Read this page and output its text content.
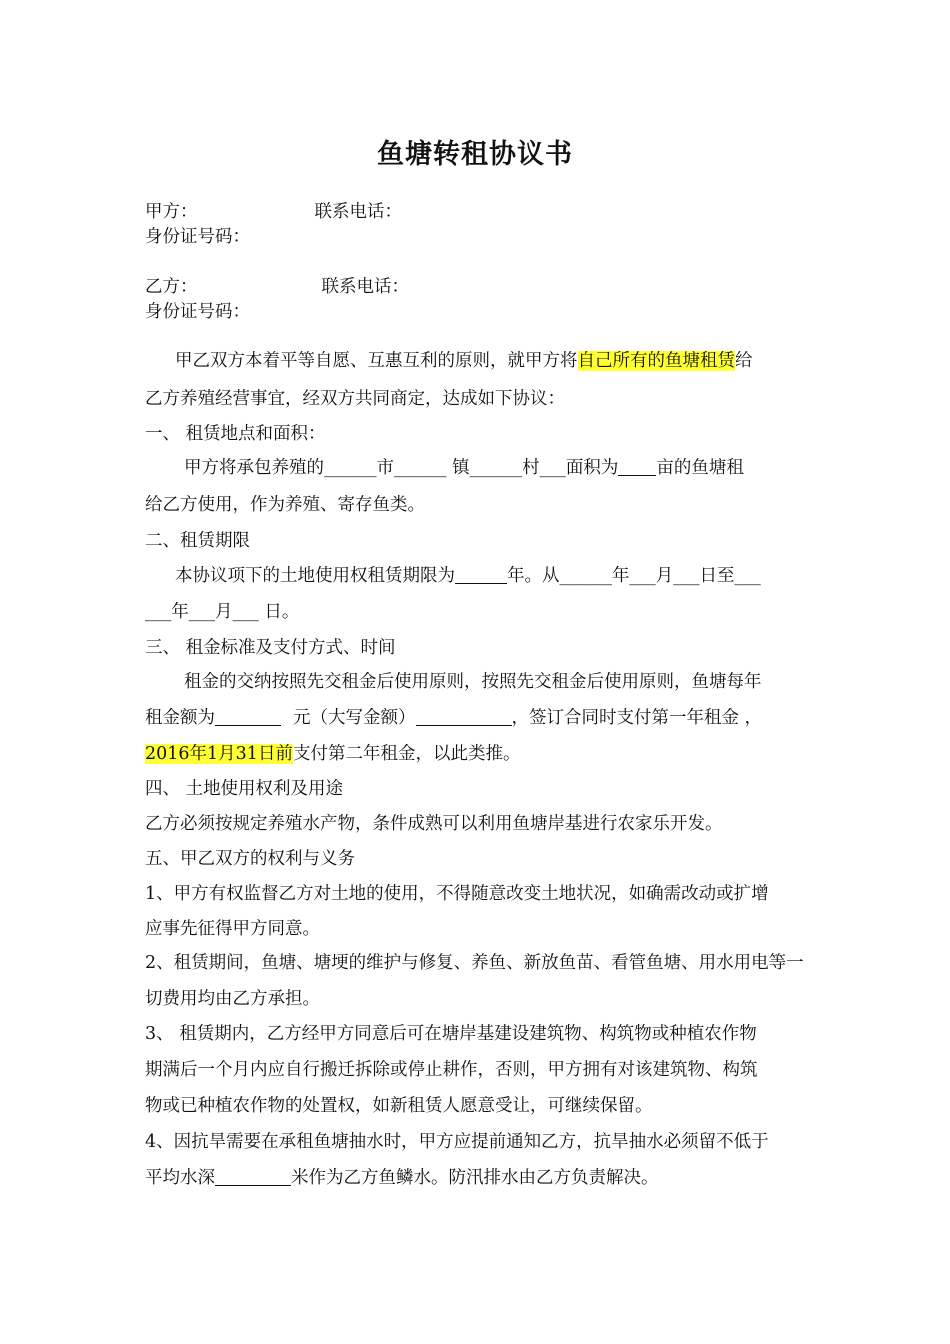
鱼塘转租协议书
甲方：	联系电话：
身份证号码：
乙方：	联系电话：
身份证号码：
甲乙双方本着平等自愿、互惠互利的原则，就甲方将自己所有的鱼塘租赁给
乙方养殖经营事宜，经双方共同商定，达成如下协议：
一、 租赁地点和面积：
甲方将承包养殖的______市______ 镇______村___面积为 亩的鱼塘租
给乙方使用，作为养殖、寄存鱼类。
二、租赁期限
本协议项下的土地使用权租赁期限为	年。从______年___月___日至___
___年___月___ 日。
三、 租金标准及支付方式、时间
租金的交纳按照先交租金后使用原则，按照先交租金后使用原则，鱼塘每年
租金额为	元（大写金额）	，签订合同时支付第一年租金 ，
2016年1月31日前支付第二年租金，以此类推。
四、 土地使用权利及用途
乙方必须按规定养殖水产物，条件成熟可以利用鱼塘岸基进行农家乐开发。
五、甲乙双方的权利与义务
1、甲方有权监督乙方对土地的使用，不得随意改变土地状况，如确需改动或扩增
应事先征得甲方同意。
2、租赁期间，鱼塘、塘埂的维护与修复、养鱼、新放鱼苗、看管鱼塘、用水用电等一
切费用均由乙方承担。
3、 租赁期内，乙方经甲方同意后可在塘岸基建设建筑物、构筑物或种植农作物
期满后一个月内应自行搬迁拆除或停止耕作，否则，甲方拥有对该建筑物、构筑
物或已种植农作物的处置权，如新租赁人愿意受让，可继续保留。
4、因抗旱需要在承租鱼塘抽水时，甲方应提前通知乙方，抗旱抽水必须留不低于
平均水深	米作为乙方鱼鳞水。防汛排水由乙方负责解决。
